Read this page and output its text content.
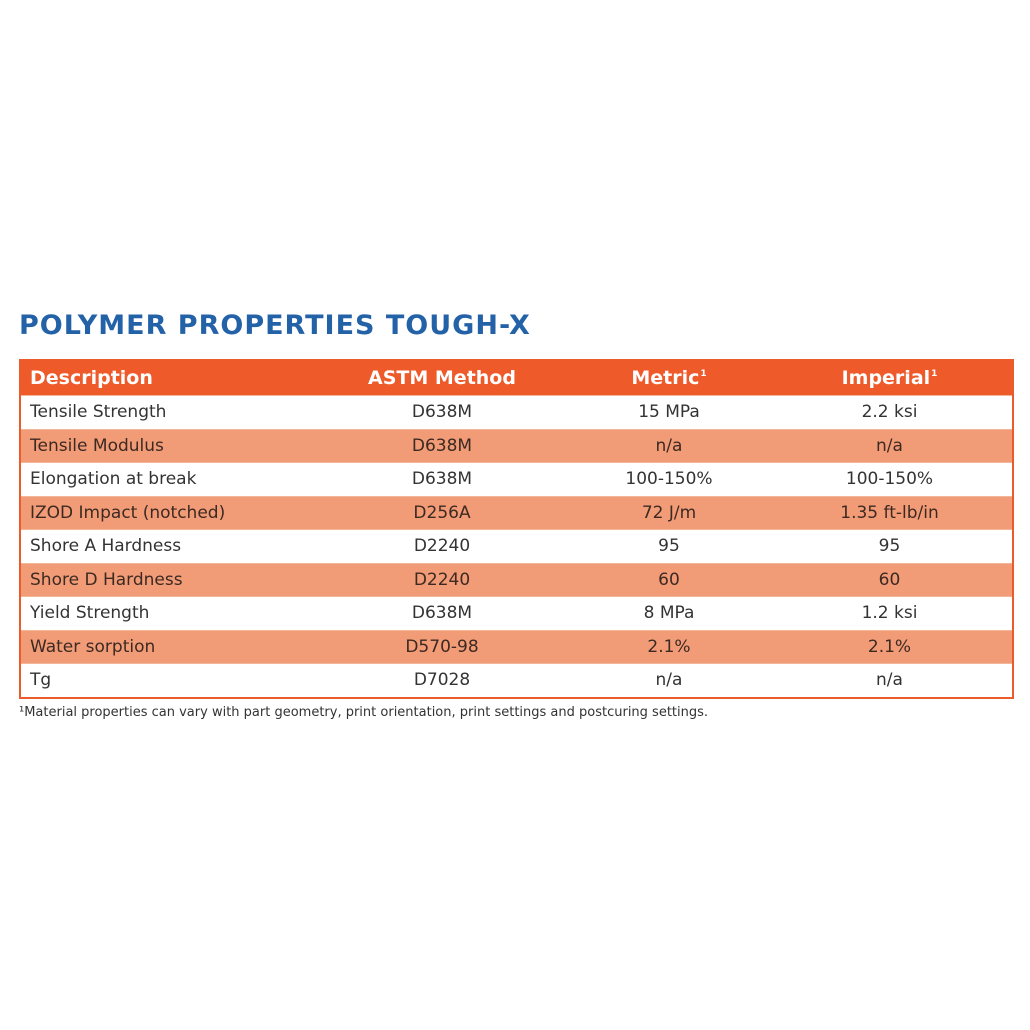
POLYMER PROPERTIES TOUGH-X
Description	ASTM Method	Metric$^1$	Imperial$^1$
Tensile Strength	D638M	15 MPa	2.2 ksi
Tensile Modulus	D638M	n/a	n/a
Elongation at break	D638M	100-150%	100-150%
IZOD Impact (notched)	D256A	72 J/m	1.35 ft-lb/in
Shore A Hardness	D2240	95	95
Shore D Hardness	D2240	60	60
Yield Strength	D638M	8 MPa	1.2 ksi
Water sorption	D570-98	2.1%	2.1%
Tg	D7028	n/a	n/a
¹Material properties can vary with part geometry, print orientation, print settings and postcuring settings.
